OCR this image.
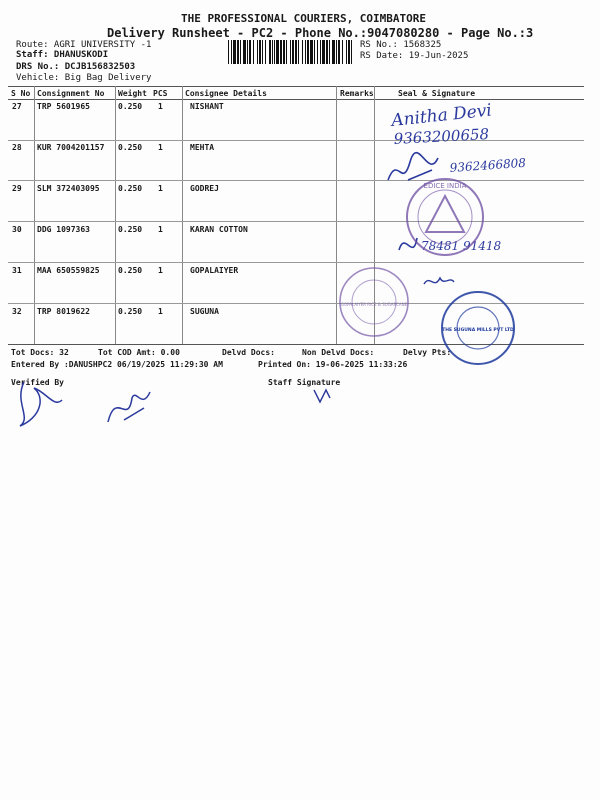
THE PROFESSIONAL COURIERS, COIMBATORE
Delivery Runsheet - PC2 - Phone No.:9047080280 - Page No.:3
Route: AGRI UNIVERSITY -1
Staff: DHANUSKODI
DRS No.: DCJB156832503
Vehicle: Big Bag Delivery
RS No.: 1568325
RS Date: 19-Jun-2025
S No Consignment No Weight PCS Consignee Details	Remarks	Seal & Signature
27 TRP 5601965	0.250 1	NISHANT
28 KUR 7004201157 0.250 1	MEHTA
29 SLM 372403095 0.250 1	GODREJ
30 DDG 1097363	0.250 1	KARAN COTTON
31 MAA 650559825 0.250 1	GOPALAIYER
32 TRP 8019622	0.250 1	SUGUNA
Tot Docs: 32	Tot COD Amt: 0.00	Delvd Docs:	Non Delvd Docs:	Delvy Pts:
Entered By :DANUSHPC2 06/19/2025 11:29:30 AM	Printed On: 19-06-2025 11:33:26
Verified By	Staff Signature
Anitha Devi
9363200658
9362466808
78481 91418
EDICE INDIA
GOPALAIYER RICE & SUGARCANE
THE SUGUNA MILLS PVT LTD
